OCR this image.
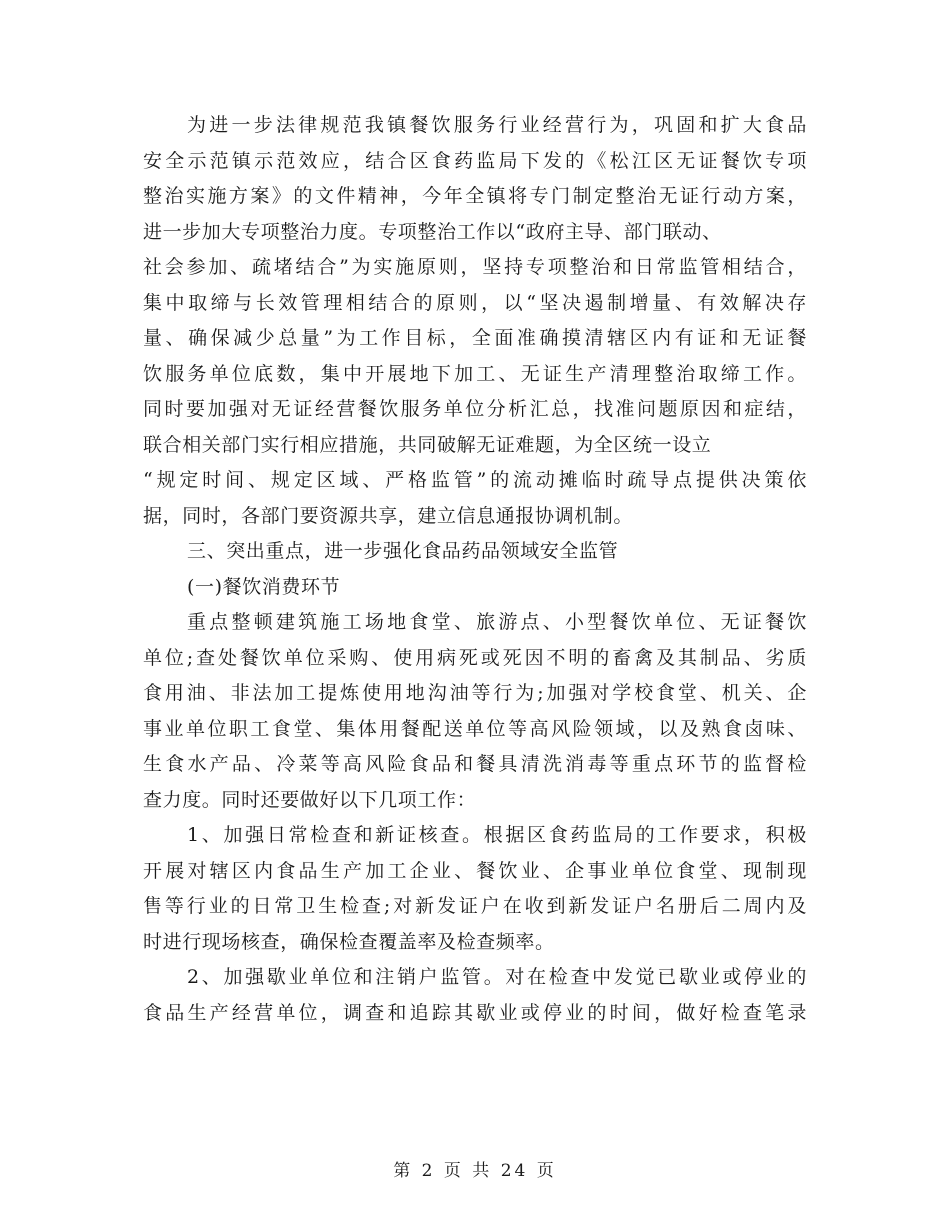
为进一步法律规范我镇餐饮服务行业经营行为，巩固和扩大食品
安全示范镇示范效应，结合区食药监局下发的《松江区无证餐饮专项
整治实施方案》的文件精神，今年全镇将专门制定整治无证行动方案，
进一步加大专项整治力度。专项整治工作以“政府主导、部门联动、
社会参加、疏堵结合”为实施原则，坚持专项整治和日常监管相结合，
集中取缔与长效管理相结合的原则，以“坚决遏制增量、有效解决存
量、确保减少总量”为工作目标，全面准确摸清辖区内有证和无证餐
饮服务单位底数，集中开展地下加工、无证生产清理整治取缔工作。
同时要加强对无证经营餐饮服务单位分析汇总，找准问题原因和症结，
联合相关部门实行相应措施，共同破解无证难题，为全区统一设立
“规定时间、规定区域、严格监管”的流动摊临时疏导点提供决策依
据，同时，各部门要资源共享，建立信息通报协调机制。
三、突出重点，进一步强化食品药品领域安全监管
(一)餐饮消费环节
重点整顿建筑施工场地食堂、旅游点、小型餐饮单位、无证餐饮
单位;查处餐饮单位采购、使用病死或死因不明的畜禽及其制品、劣质
食用油、非法加工提炼使用地沟油等行为;加强对学校食堂、机关、企
事业单位职工食堂、集体用餐配送单位等高风险领域，以及熟食卤味、
生食水产品、冷菜等高风险食品和餐具清洗消毒等重点环节的监督检
查力度。同时还要做好以下几项工作：
1、加强日常检查和新证核查。根据区食药监局的工作要求，积极
开展对辖区内食品生产加工企业、餐饮业、企事业单位食堂、现制现
售等行业的日常卫生检查;对新发证户在收到新发证户名册后二周内及
时进行现场核查，确保检查覆盖率及检查频率。
2、加强歇业单位和注销户监管。对在检查中发觉已歇业或停业的
食品生产经营单位，调查和追踪其歇业或停业的时间，做好检查笔录
第 2 页 共 24 页
